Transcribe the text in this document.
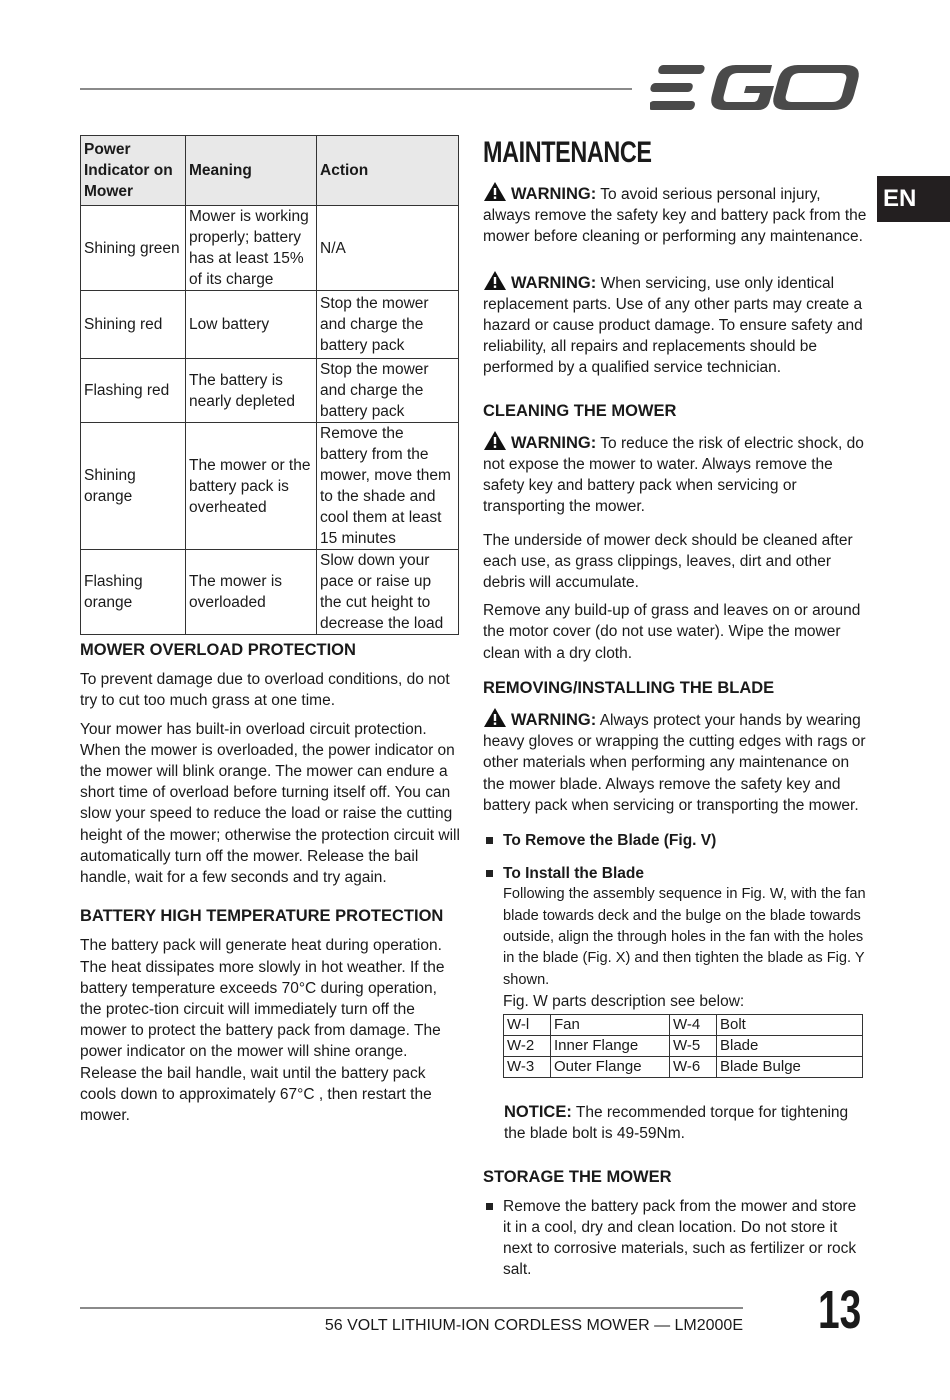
EN
Power Indicator on Mower	Meaning	Action
Shining green	Mower is working properly; battery has at least 15% of its charge	N/A
Shining red	Low battery	Stop the mower and charge the battery pack
Flashing red	The battery is nearly depleted	Stop the mower and charge the battery pack
Shining orange	The mower or the battery pack is overheated	Remove the battery from the mower, move them to the shade and cool them at least 15 minutes
Flashing orange	The mower is overloaded	Slow down your pace or raise up the cut height to decrease the load
MOWER OVERLOAD PROTECTION

To prevent damage due to overload conditions, do not try to cut too much grass at one time.

Your mower has built-in overload circuit protection. When the mower is overloaded, the power indicator on the mower will blink orange. The mower can endure a short time of overload before turning itself off. You can slow your speed to reduce the load or raise the cutting height of the mower; otherwise the protection circuit will automatically turn off the mower. Release the bail handle, wait for a few seconds and try again.

BATTERY HIGH TEMPERATURE PROTECTION

The battery pack will generate heat during operation. The heat dissipates more slowly in hot weather. If the battery temperature exceeds 70°C during operation, the protec-tion circuit will immediately turn off the mower to protect the battery pack from damage. The power indicator on the mower will shine orange. Release the bail handle, wait until the battery pack cools down to approximately 67°C , then restart the mower.

MAINTENANCE
WARNING: To avoid serious personal injury, always remove the safety key and battery pack from the mower before cleaning or performing any maintenance.
WARNING: When servicing, use only identical replacement parts. Use of any other parts may create a hazard or cause product damage. To ensure safety and reliability, all repairs and replacements should be performed by a qualified service technician.
CLEANING THE MOWER
WARNING: To reduce the risk of electric shock, do not expose the mower to water. Always remove the safety key and battery pack when servicing or transporting the mower.

The underside of mower deck should be cleaned after each use, as grass clippings, leaves, dirt and other debris will accumulate.

Remove any build-up of grass and leaves on or around the motor cover (do not use water). Wipe the mower clean with a dry cloth.

REMOVING/INSTALLING THE BLADE
WARNING: Always protect your hands by wearing heavy gloves or wrapping the cutting edges with rags or other materials when performing any maintenance on the mower blade. Always remove the safety key and battery pack when servicing or transporting the mower.
To Remove the Blade (Fig. V)
To Install the Blade
Following the assembly sequence in Fig. W, with the fan blade towards deck and the bulge on the blade towards outside, align the through holes in the fan with the holes in the blade (Fig. X) and then tighten the blade as Fig. Y shown.
Fig. W parts description see below:
W-l	Fan	W-4	Bolt
W-2	Inner Flange	W-5	Blade
W-3	Outer Flange	W-6	Blade Bulge
NOTICE: The recommended torque for tightening the blade bolt is 49-59Nm.
STORAGE THE MOWER
Remove the battery pack from the mower and store it in a cool, dry and clean location. Do not store it next to corrosive materials, such as fertilizer or rock salt.
56 VOLT LITHIUM-ION CORDLESS MOWER — LM2000E 13
